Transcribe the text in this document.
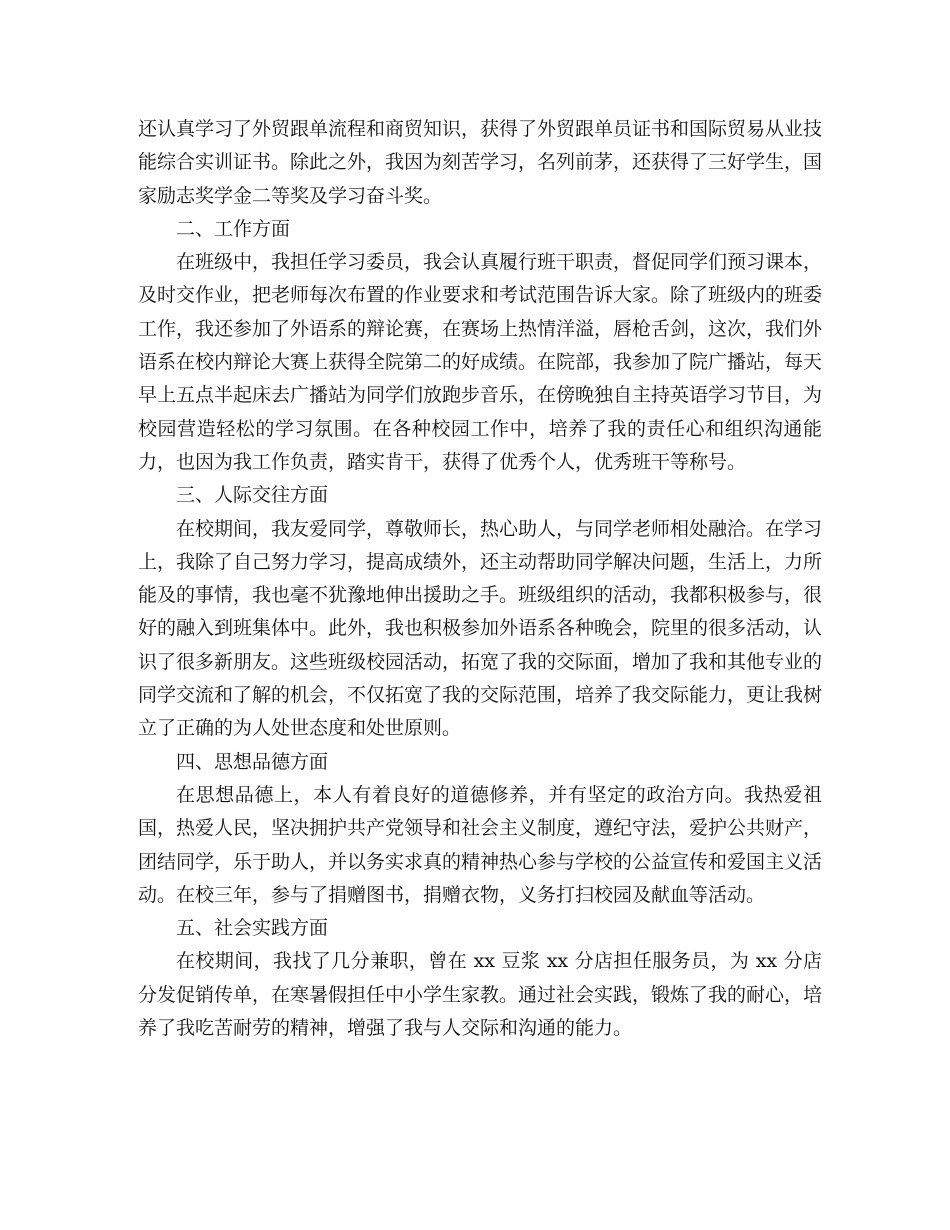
还认真学习了外贸跟单流程和商贸知识，获得了外贸跟单员证书和国际贸易从业技能综合实训证书。除此之外，我因为刻苦学习，名列前茅，还获得了三好学生，国家励志奖学金二等奖及学习奋斗奖。

二、工作方面

在班级中，我担任学习委员，我会认真履行班干职责，督促同学们预习课本，及时交作业，把老师每次布置的作业要求和考试范围告诉大家。除了班级内的班委工作，我还参加了外语系的辩论赛，在赛场上热情洋溢，唇枪舌剑，这次，我们外语系在校内辩论大赛上获得全院第二的好成绩。在院部，我参加了院广播站，每天早上五点半起床去广播站为同学们放跑步音乐，在傍晚独自主持英语学习节目，为校园营造轻松的学习氛围。在各种校园工作中，培养了我的责任心和组织沟通能力，也因为我工作负责，踏实肯干，获得了优秀个人，优秀班干等称号。

三、人际交往方面

在校期间，我友爱同学，尊敬师长，热心助人，与同学老师相处融洽。在学习上，我除了自己努力学习，提高成绩外，还主动帮助同学解决问题，生活上，力所能及的事情，我也毫不犹豫地伸出援助之手。班级组织的活动，我都积极参与，很好的融入到班集体中。此外，我也积极参加外语系各种晚会，院里的很多活动，认识了很多新朋友。这些班级校园活动，拓宽了我的交际面，增加了我和其他专业的同学交流和了解的机会，不仅拓宽了我的交际范围，培养了我交际能力，更让我树立了正确的为人处世态度和处世原则。

四、思想品德方面

在思想品德上，本人有着良好的道德修养，并有坚定的政治方向。我热爱祖国，热爱人民，坚决拥护共产党领导和社会主义制度，遵纪守法，爱护公共财产，团结同学，乐于助人，并以务实求真的精神热心参与学校的公益宣传和爱国主义活动。在校三年，参与了捐赠图书，捐赠衣物，义务打扫校园及献血等活动。

五、社会实践方面

在校期间，我找了几分兼职，曾在 xx 豆浆 xx 分店担任服务员，为 xx 分店分发促销传单，在寒暑假担任中小学生家教。通过社会实践，锻炼了我的耐心，培养了我吃苦耐劳的精神，增强了我与人交际和沟通的能力。
